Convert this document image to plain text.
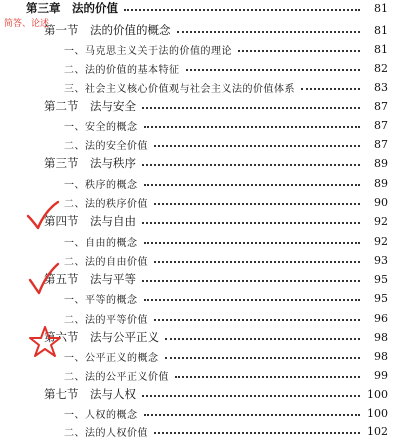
第三章　法的价值	81
第一节　法的价值的概念	81
一、马克思主义关于法的价值的理论	81
二、法的价值的基本特征	82
三、社会主义核心价值观与社会主义法的价值体系	83
第二节　法与安全	87
一、安全的概念	87
二、法的安全价值	87
第三节　法与秩序	89
一、秩序的概念	89
二、法的秩序价值	90
第四节　法与自由	92
一、自由的概念	92
二、法的自由价值	93
第五节　法与平等	95
一、平等的概念	95
二、法的平等价值	96
第六节　法与公平正义	98
一、公平正义的概念	98
二、法的公平正义价值	99
第七节　法与人权	100
一、人权的概念	100
二、法的人权价值	102
简答、论述
